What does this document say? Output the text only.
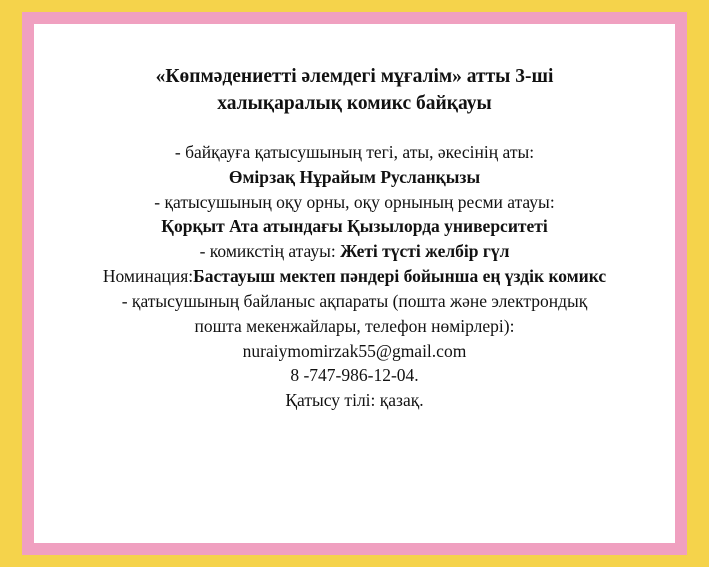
«Көпмәдениетті әлемдегі мұғалім» атты 3-ші халықаралық комикс байқауы

- байқауға қатысушының тегі, аты, әкесінің аты:

Өмірзақ Нұрайым Русланқызы

- қатысушының оқу орны, оқу орнының ресми атауы:

Қорқыт Ата атындағы Қызылорда университеті

- комикстің атауы: Жеті түсті желбір гүл

Номинация:Бастауыш мектеп пәндері бойынша ең үздік комикс

- қатысушының байланыс ақпараты (пошта және электрондық пошта мекенжайлары, телефон нөмірлері):

nuraiymomirzak55@gmail.com

8 -747-986-12-04.

Қатысу тілі: қазақ.
